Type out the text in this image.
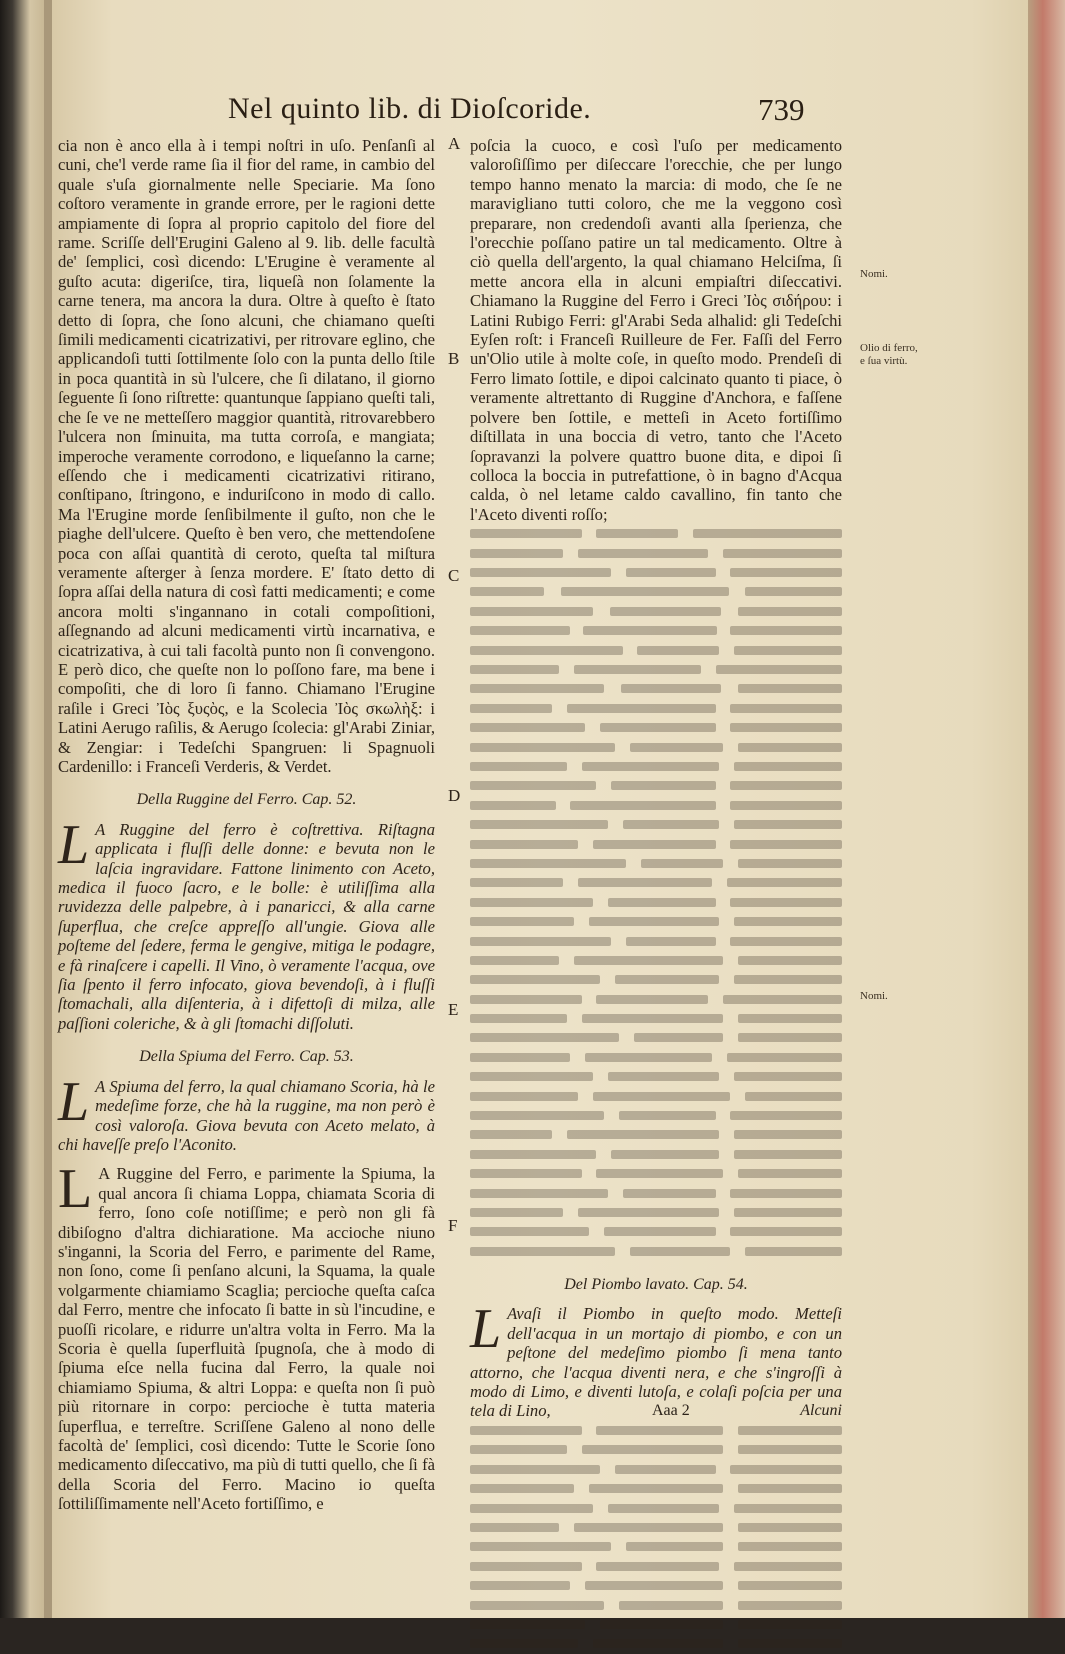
Nel quinto lib. di Dioſcoride.	739

cia non è anco ella à i tempi noſtri in uſo. Penſanſi al cuni, che'l verde rame ſia il fior del rame, in cambio del quale s'uſa giornalmente nelle Speciarie. Ma ſono coſtoro veramente in grande errore, per le ragioni dette ampiamente di ſopra al proprio capitolo del fiore del rame. Scriſſe dell'Erugini Galeno al 9. lib. delle facultà de' ſemplici, così dicendo: L'Erugine è veramente al guſto acuta: digeriſce, tira, liqueſà non ſolamente la carne tenera, ma ancora la dura. Oltre à queſto è ſtato detto di ſopra, che ſono alcuni, che chiamano queſti ſimili medicamenti cicatrizativi, per ritrovare eglino, che applicandoſi tutti ſottilmente ſolo con la punta dello ſtile in poca quantità in sù l'ulcere, che ſi dilatano, il giorno ſeguente ſi ſono riſtrette: quantunque ſappiano queſti tali, che ſe ve ne metteſſero maggior quantità, ritrovarebbero l'ulcera non ſminuita, ma tutta corroſa, e mangiata; imperoche veramente corrodono, e liqueſanno la carne; eſſendo che i medicamenti cicatrizativi ritirano, conſtipano, ſtringono, e induriſcono in modo di callo. Ma l'Erugine morde ſenſibilmente il guſto, non che le piaghe dell'ulcere. Queſto è ben vero, che mettendoſene poca con aſſai quantità di ceroto, queſta tal miſtura veramente aſterger à ſenza mordere. E' ſtato detto di ſopra aſſai della natura di così fatti medicamenti; e come ancora molti s'ingannano in cotali compoſitioni, aſſegnando ad alcuni medicamenti virtù incarnativa, e cicatrizativa, à cui tali facoltà punto non ſi convengono. E però dico, che queſte non lo poſſono fare, ma bene i compoſiti, che di loro ſi fanno. Chiamano l'Erugine raſile i Greci Ἰὸς ξυςὸς, e la Scolecia Ἰὸς σκωλὴξ: i Latini Aerugo raſilis, & Aerugo ſcolecia: gl'Arabi Ziniar, & Zengiar: i Tedeſchi Spangruen: li Spagnuoli Cardenillo: i Franceſi Verderis, & Verdet.

Della Ruggine del Ferro. Cap. 52.

L A Ruggine del ferro è coſtrettiva. Riſtagna applicata i fluſſi delle donne: e bevuta non le laſcia ingravidare. Fattone linimento con Aceto, medica il fuoco ſacro, e le bolle: è utiliſſima alla ruvidezza delle palpebre, à i panaricci, & alla carne ſuperflua, che creſce appreſſo all'ungie. Giova alle poſteme del ſedere, ferma le gengive, mitiga le podagre, e fà rinaſcere i capelli. Il Vino, ò veramente l'acqua, ove ſia ſpento il ferro infocato, giova bevendoſi, à i fluſſi ſtomachali, alla diſenteria, à i difettoſi di milza, alle paſſioni coleriche, & à gli ſtomachi diſſoluti.

Della Spiuma del Ferro. Cap. 53.

L A Spiuma del ferro, la qual chiamano Scoria, hà le medeſime forze, che hà la ruggine, ma non però è così valoroſa. Giova bevuta con Aceto melato, à chi haveſſe preſo l'Aconito.

L A Ruggine del Ferro, e parimente la Spiuma, la qual ancora ſi chiama Loppa, chiamata Scoria di ferro, ſono coſe notiſſime; e però non gli fà dibiſogno d'altra dichiaratione. Ma accioche niuno s'inganni, la Scoria del Ferro, e parimente del Rame, non ſono, come ſi penſano alcuni, la Squama, la quale volgarmente chiamiamo Scaglia; percioche queſta caſca dal Ferro, mentre che infocato ſi batte in sù l'incudine, e puoſſi ricolare, e ridurre un'altra volta in Ferro. Ma la Scoria è quella ſuperfluità ſpugnoſa, che à modo di ſpiuma eſce nella fucina dal Ferro, la quale noi chiamiamo Spiuma, & altri Loppa: e queſta non ſi può più ritornare in corpo: percioche è tutta materia ſuperflua, e terreſtre. Scriſſene Galeno al nono delle facoltà de' ſemplici, così dicendo: Tutte le Scorie ſono medicamento diſeccativo, ma più di tutti quello, che ſi fà della Scoria del Ferro. Macino io queſta ſottiliſſimamente nell'Aceto fortiſſimo, e

poſcia la cuoco, e così l'uſo per medicamento valoroſiſſimo per diſeccare l'orecchie, che per lungo tempo hanno menato la marcia: di modo, che ſe ne maravigliano tutti coloro, che me la veggono così preparare, non credendoſi avanti alla ſperienza, che l'orecchie poſſano patire un tal medicamento. Oltre à ciò quella dell'argento, la qual chiamano Helciſma, ſi mette ancora ella in alcuni empiaſtri diſeccativi. Chiamano la Ruggine del Ferro i Greci Ἰὸς σιδήρου: i Latini Rubigo Ferri: gl'Arabi Seda alhalid: gli Tedeſchi Eyſen roſt: i Franceſi Ruilleure de Fer. Faſſi del Ferro un'Olio utile à molte coſe, in queſto modo. Prendeſi di Ferro limato ſottile, e dipoi calcinato quanto ti piace, ò veramente altrettanto di Ruggine d'Anchora, e faſſene polvere ben ſottile, e metteſi in Aceto fortiſſimo diſtillata in una boccia di vetro, tanto che l'Aceto ſopravanzi la polvere quattro buone dita, e dipoi ſi colloca la boccia in putrefattione, ò in bagno d'Acqua calda, ò nel letame caldo cavallino, fin tanto che l'Aceto diventi roſſo;

Del Piombo lavato. Cap. 54.

L Avaſi il Piombo in queſto modo. Metteſi dell'acqua in un mortajo di piombo, e con un peſtone del medeſimo piombo ſi mena tanto attorno, che l'acqua diventi nera, e che s'ingroſſi à modo di Limo, e diventi lutoſa, e colaſi poſcia per una tela di Lino,	Aaa 2	Alcuni
A
B
C
D
E
F
Nomi.
Olio di ferro, e ſua virtù.
Nomi.
